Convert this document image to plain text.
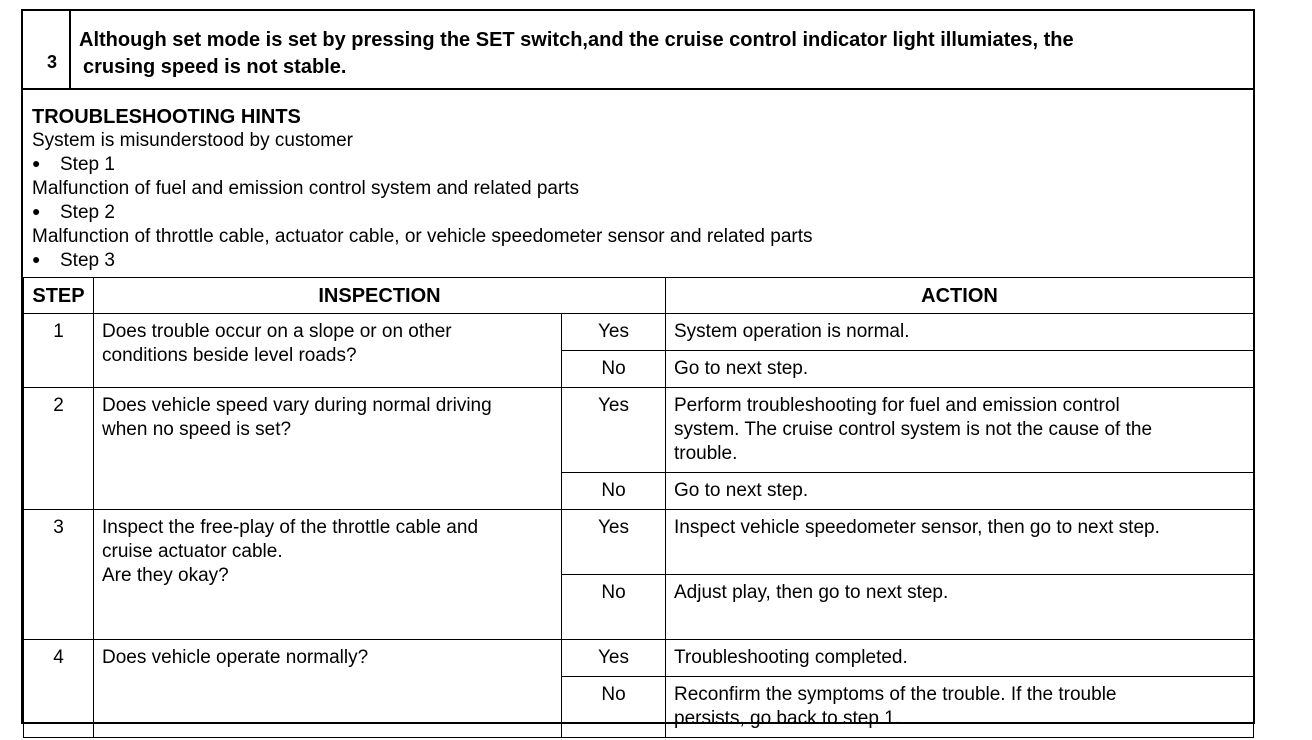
3
Although set mode is set by pressing the SET switch,and the cruise control indicator light illumiates, the
crusing speed is not stable.
TROUBLESHOOTING HINTS
System is misunderstood by customer
● Step 1
Malfunction of fuel and emission control system and related parts
● Step 2
Malfunction of throttle cable, actuator cable, or vehicle speedometer sensor and related parts
● Step 3
STEP	INSPECTION		ACTION
1	Does trouble occur on a slope or on other
conditions beside level roads?	Yes	System operation is normal.
		No	Go to next step.
2	Does vehicle speed vary during normal driving
when no speed is set?	Yes	Perform troubleshooting for fuel and emission control
system. The cruise control system is not the cause of the
trouble.
		No	Go to next step.
3	Inspect the free-play of the throttle cable and
cruise actuator cable.
Are they okay?	Yes	Inspect vehicle speedometer sensor, then go to next step.
		No	Adjust play, then go to next step.
4	Does vehicle operate normally?	Yes	Troubleshooting completed.
		No	Reconfirm the symptoms of the trouble. If the trouble
persists, go back to step 1.
